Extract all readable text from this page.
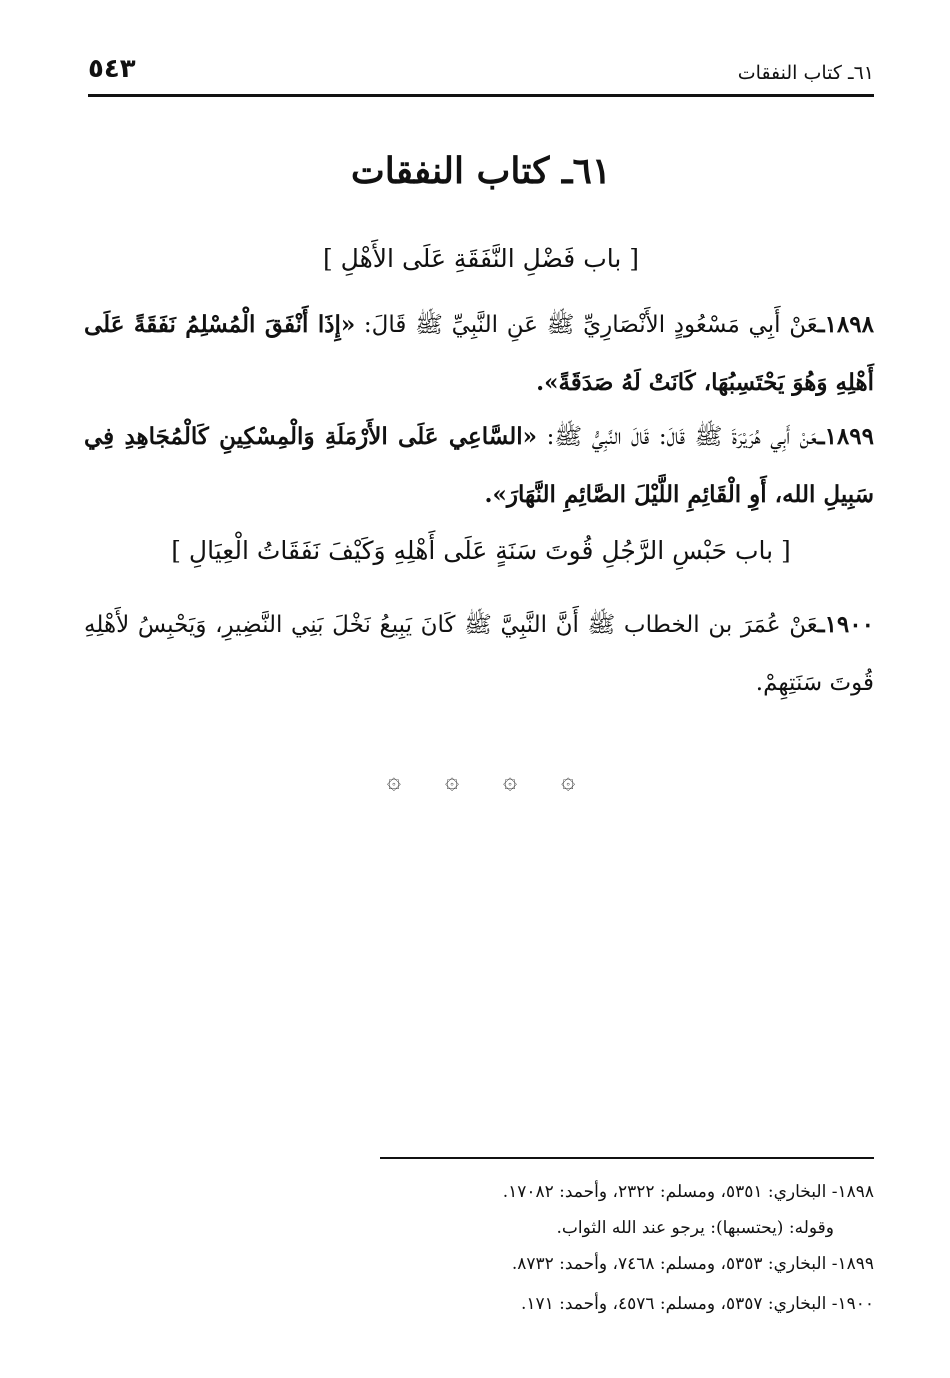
٦١ـ كتاب النفقات
٥٤٣
٦١ـ كتاب النفقات
[ باب فَضْلِ النَّفَقَةِ عَلَى الأَهْلِ ]
١٨٩٨ـعَنْ أَبِي مَسْعُودٍ الأَنْصَارِيِّ ﷺ عَنِ النَّبِيِّ ﷺ قَالَ: «إِذَا أَنْفَقَ الْمُسْلِمُ نَفَقَةً عَلَى أَهْلِهِ وَهُوَ يَحْتَسِبُهَا، كَانَتْ لَهُ صَدَقَةً».
١٨٩٩ـعَنْ أَبِي هُرَيْرَةَ ﷺ قَالَ: قَالَ النَّبِيُّ ﷺ: «السَّاعِي عَلَى الأَرْمَلَةِ وَالْمِسْكِينِ كَالْمُجَاهِدِ فِي سَبِيلِ الله، أَوِ الْقَائِمِ اللَّيْلَ الصَّائِمِ النَّهَارَ».
[ باب حَبْسِ الرَّجُلِ قُوتَ سَنَةٍ عَلَى أَهْلِهِ وَكَيْفَ نَفَقَاتُ الْعِيَالِ ]
١٩٠٠ـعَنْ عُمَرَ بن الخطاب ﷺ أَنَّ النَّبِيَّ ﷺ كَانَ يَبِيعُ نَخْلَ بَنِي النَّضِيرِ، وَيَحْبِسُ لأَهْلِهِ قُوتَ سَنَتِهِمْ.
۞ ۞ ۞ ۞
١٨٩٨- البخاري: ٥٣٥١، ومسلم: ٢٣٢٢، وأحمد: ١٧٠٨٢.
وقوله: (يحتسبها): يرجو عند الله الثواب.
١٨٩٩- البخاري: ٥٣٥٣، ومسلم: ٧٤٦٨، وأحمد: ٨٧٣٢.
١٩٠٠- البخاري: ٥٣٥٧، ومسلم: ٤٥٧٦، وأحمد: ١٧١.
